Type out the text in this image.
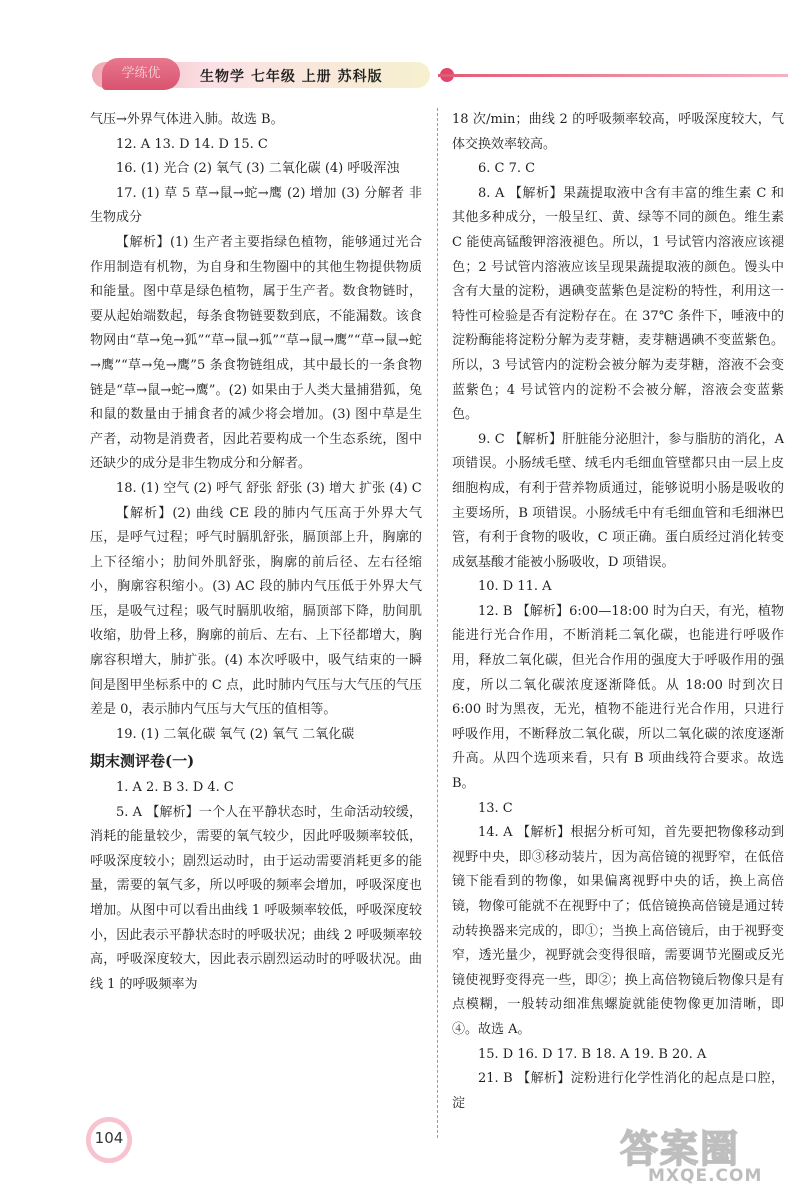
学练优	生物学 七年级 上册 苏科版

气压→外界气体进入肺。故选 B。

12. A 13. D 14. D 15. C

16. (1) 光合 (2) 氧气 (3) 二氧化碳 (4) 呼吸浑浊

17. (1) 草 5 草→鼠→蛇→鹰 (2) 增加 (3) 分解者 非生物成分

【解析】(1) 生产者主要指绿色植物，能够通过光合作用制造有机物，为自身和生物圈中的其他生物提供物质和能量。图中草是绿色植物，属于生产者。数食物链时，要从起始端数起，每条食物链要数到底，不能漏数。该食物网由“草→兔→狐”“草→鼠→狐”“草→鼠→鹰”“草→鼠→蛇→鹰”“草→兔→鹰”5 条食物链组成，其中最长的一条食物链是“草→鼠→蛇→鹰”。(2) 如果由于人类大量捕猎狐，兔和鼠的数量由于捕食者的减少将会增加。(3) 图中草是生产者，动物是消费者，因此若要构成一个生态系统，图中还缺少的成分是非生物成分和分解者。

18. (1) 空气 (2) 呼气 舒张 舒张 (3) 增大 扩张 (4) C

【解析】(2) 曲线 CE 段的肺内气压高于外界大气压，是呼气过程；呼气时膈肌舒张，膈顶部上升，胸廓的上下径缩小；肋间外肌舒张，胸廓的前后径、左右径缩小，胸廓容积缩小。(3) AC 段的肺内气压低于外界大气压，是吸气过程；吸气时膈肌收缩，膈顶部下降，肋间肌收缩，肋骨上移，胸廓的前后、左右、上下径都增大，胸廓容积增大，肺扩张。(4) 本次呼吸中，吸气结束的一瞬间是图甲坐标系中的 C 点，此时肺内气压与大气压的气压差是 0，表示肺内气压与大气压的值相等。

19. (1) 二氧化碳 氧气 (2) 氧气 二氧化碳

期末测评卷(一)

1. A 2. B 3. D 4. C

5. A 【解析】一个人在平静状态时，生命活动较缓，消耗的能量较少，需要的氧气较少，因此呼吸频率较低，呼吸深度较小；剧烈运动时，由于运动需要消耗更多的能量，需要的氧气多，所以呼吸的频率会增加，呼吸深度也增加。从图中可以看出曲线 1 呼吸频率较低，呼吸深度较小，因此表示平静状态时的呼吸状况；曲线 2 呼吸频率较高，呼吸深度较大，因此表示剧烈运动时的呼吸状况。曲线 1 的呼吸频率为

18 次/min；曲线 2 的呼吸频率较高，呼吸深度较大，气体交换效率较高。

6. C 7. C

8. A 【解析】果蔬提取液中含有丰富的维生素 C 和其他多种成分，一般呈红、黄、绿等不同的颜色。维生素 C 能使高锰酸钾溶液褪色。所以，1 号试管内溶液应该褪色；2 号试管内溶液应该呈现果蔬提取液的颜色。馒头中含有大量的淀粉，遇碘变蓝紫色是淀粉的特性，利用这一特性可检验是否有淀粉存在。在 37℃ 条件下，唾液中的淀粉酶能将淀粉分解为麦芽糖，麦芽糖遇碘不变蓝紫色。所以，3 号试管内的淀粉会被分解为麦芽糖，溶液不会变蓝紫色；4 号试管内的淀粉不会被分解，溶液会变蓝紫色。

9. C 【解析】肝脏能分泌胆汁，参与脂肪的消化，A 项错误。小肠绒毛壁、绒毛内毛细血管壁都只由一层上皮细胞构成，有利于营养物质通过，能够说明小肠是吸收的主要场所，B 项错误。小肠绒毛中有毛细血管和毛细淋巴管，有利于食物的吸收，C 项正确。蛋白质经过消化转变成氨基酸才能被小肠吸收，D 项错误。

10. D 11. A

12. B 【解析】6:00—18:00 时为白天，有光，植物能进行光合作用，不断消耗二氧化碳，也能进行呼吸作用，释放二氧化碳，但光合作用的强度大于呼吸作用的强度，所以二氧化碳浓度逐渐降低。从 18:00 时到次日 6:00 时为黑夜，无光，植物不能进行光合作用，只进行呼吸作用，不断释放二氧化碳，所以二氧化碳的浓度逐渐升高。从四个选项来看，只有 B 项曲线符合要求。故选 B。

13. C

14. A 【解析】根据分析可知，首先要把物像移动到视野中央，即③移动装片，因为高倍镜的视野窄，在低倍镜下能看到的物像，如果偏离视野中央的话，换上高倍镜，物像可能就不在视野中了；低倍镜换高倍镜是通过转动转换器来完成的，即①；当换上高倍镜后，由于视野变窄，透光量少，视野就会变得很暗，需要调节光圈或反光镜使视野变得亮一些，即②；换上高倍物镜后物像只是有点模糊，一般转动细准焦螺旋就能使物像更加清晰，即④。故选 A。

15. D 16. D 17. B 18. A 19. B 20. A

21. B 【解析】淀粉进行化学性消化的起点是口腔，淀

104	答案圈
MXQE.COM
